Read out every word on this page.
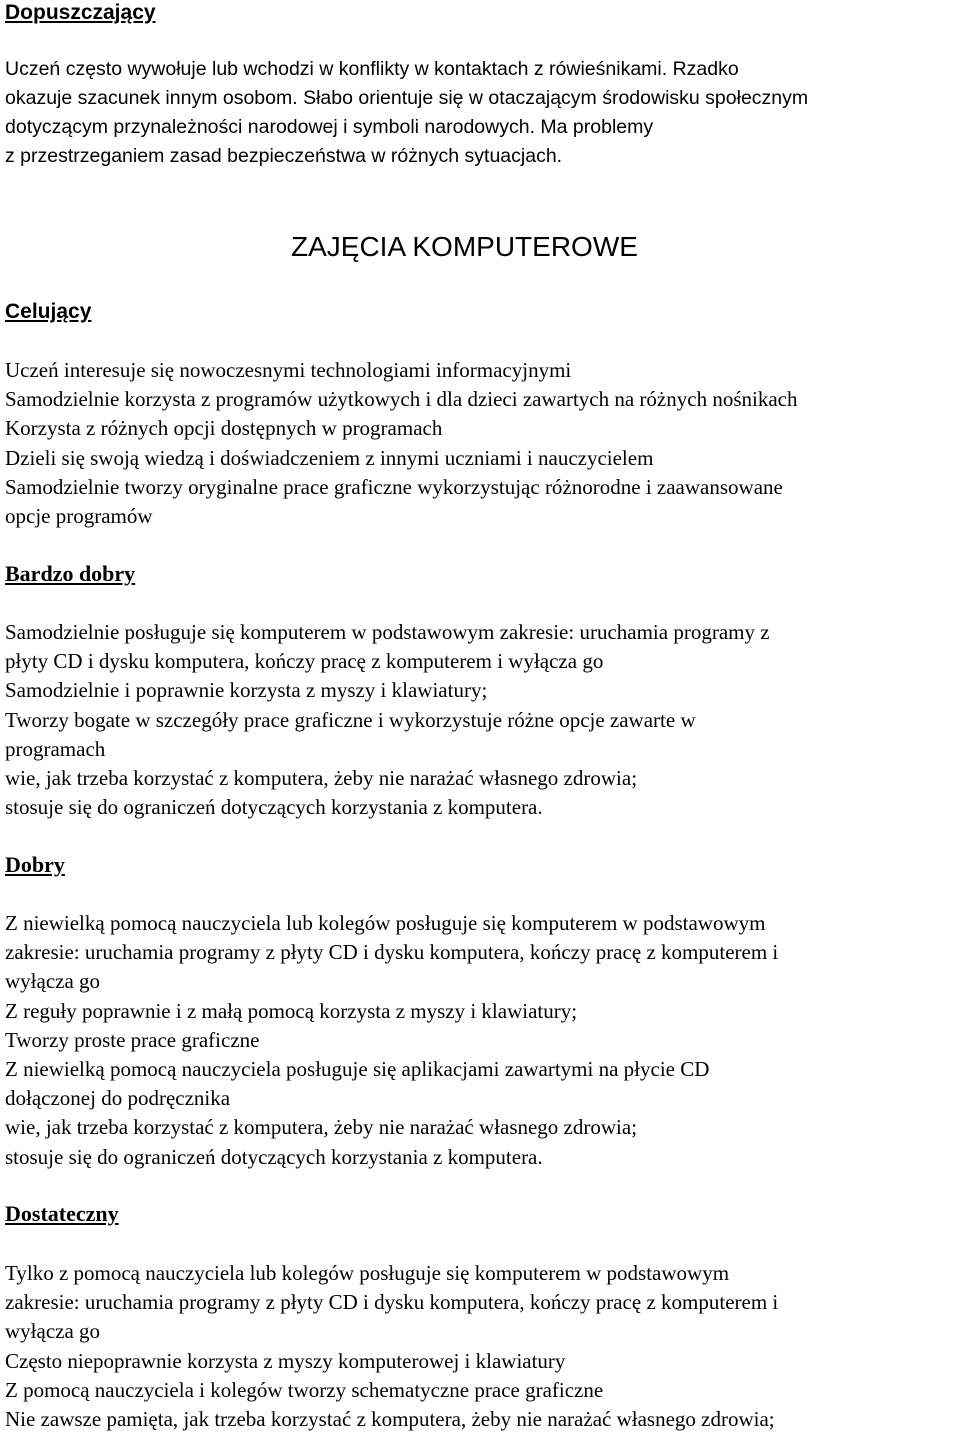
Dopuszczający
Uczeń często wywołuje lub wchodzi w konflikty w kontaktach z rówieśnikami. Rzadko
okazuje szacunek innym osobom. Słabo orientuje się w otaczającym środowisku społecznym
dotyczącym przynależności narodowej i symboli narodowych. Ma problemy
z przestrzeganiem zasad bezpieczeństwa w różnych sytuacjach.
ZAJĘCIA KOMPUTEROWE
Celujący
Uczeń interesuje się nowoczesnymi technologiami informacyjnymi
Samodzielnie korzysta z programów użytkowych i dla dzieci zawartych na różnych nośnikach
Korzysta z różnych opcji dostępnych w programach
Dzieli się swoją wiedzą i doświadczeniem z innymi uczniami i nauczycielem
Samodzielnie tworzy oryginalne prace graficzne wykorzystując różnorodne i zaawansowane
opcje programów
Bardzo dobry
Samodzielnie posługuje się komputerem w podstawowym zakresie: uruchamia programy z
płyty CD i dysku komputera, kończy pracę z komputerem i wyłącza go
Samodzielnie i poprawnie korzysta z myszy i klawiatury;
Tworzy bogate w szczegóły prace graficzne i wykorzystuje różne opcje zawarte w
programach
wie, jak trzeba korzystać z komputera, żeby nie narażać własnego zdrowia;
stosuje się do ograniczeń dotyczących korzystania z komputera.
Dobry
Z niewielką pomocą nauczyciela lub kolegów posługuje się komputerem w podstawowym
zakresie: uruchamia programy z płyty CD i dysku komputera, kończy pracę z komputerem i
wyłącza go
Z reguły poprawnie i z małą pomocą korzysta z myszy i klawiatury;
Tworzy proste prace graficzne
Z niewielką pomocą nauczyciela posługuje się aplikacjami zawartymi na płycie CD
dołączonej do podręcznika
wie, jak trzeba korzystać z komputera, żeby nie narażać własnego zdrowia;
stosuje się do ograniczeń dotyczących korzystania z komputera.
Dostateczny
Tylko z pomocą nauczyciela lub kolegów posługuje się komputerem w podstawowym
zakresie: uruchamia programy z płyty CD i dysku komputera, kończy pracę z komputerem i
wyłącza go
Często niepoprawnie korzysta z myszy komputerowej i klawiatury
Z pomocą nauczyciela i kolegów tworzy schematyczne prace graficzne
Nie zawsze pamięta, jak trzeba korzystać z komputera, żeby nie narażać własnego zdrowia;
